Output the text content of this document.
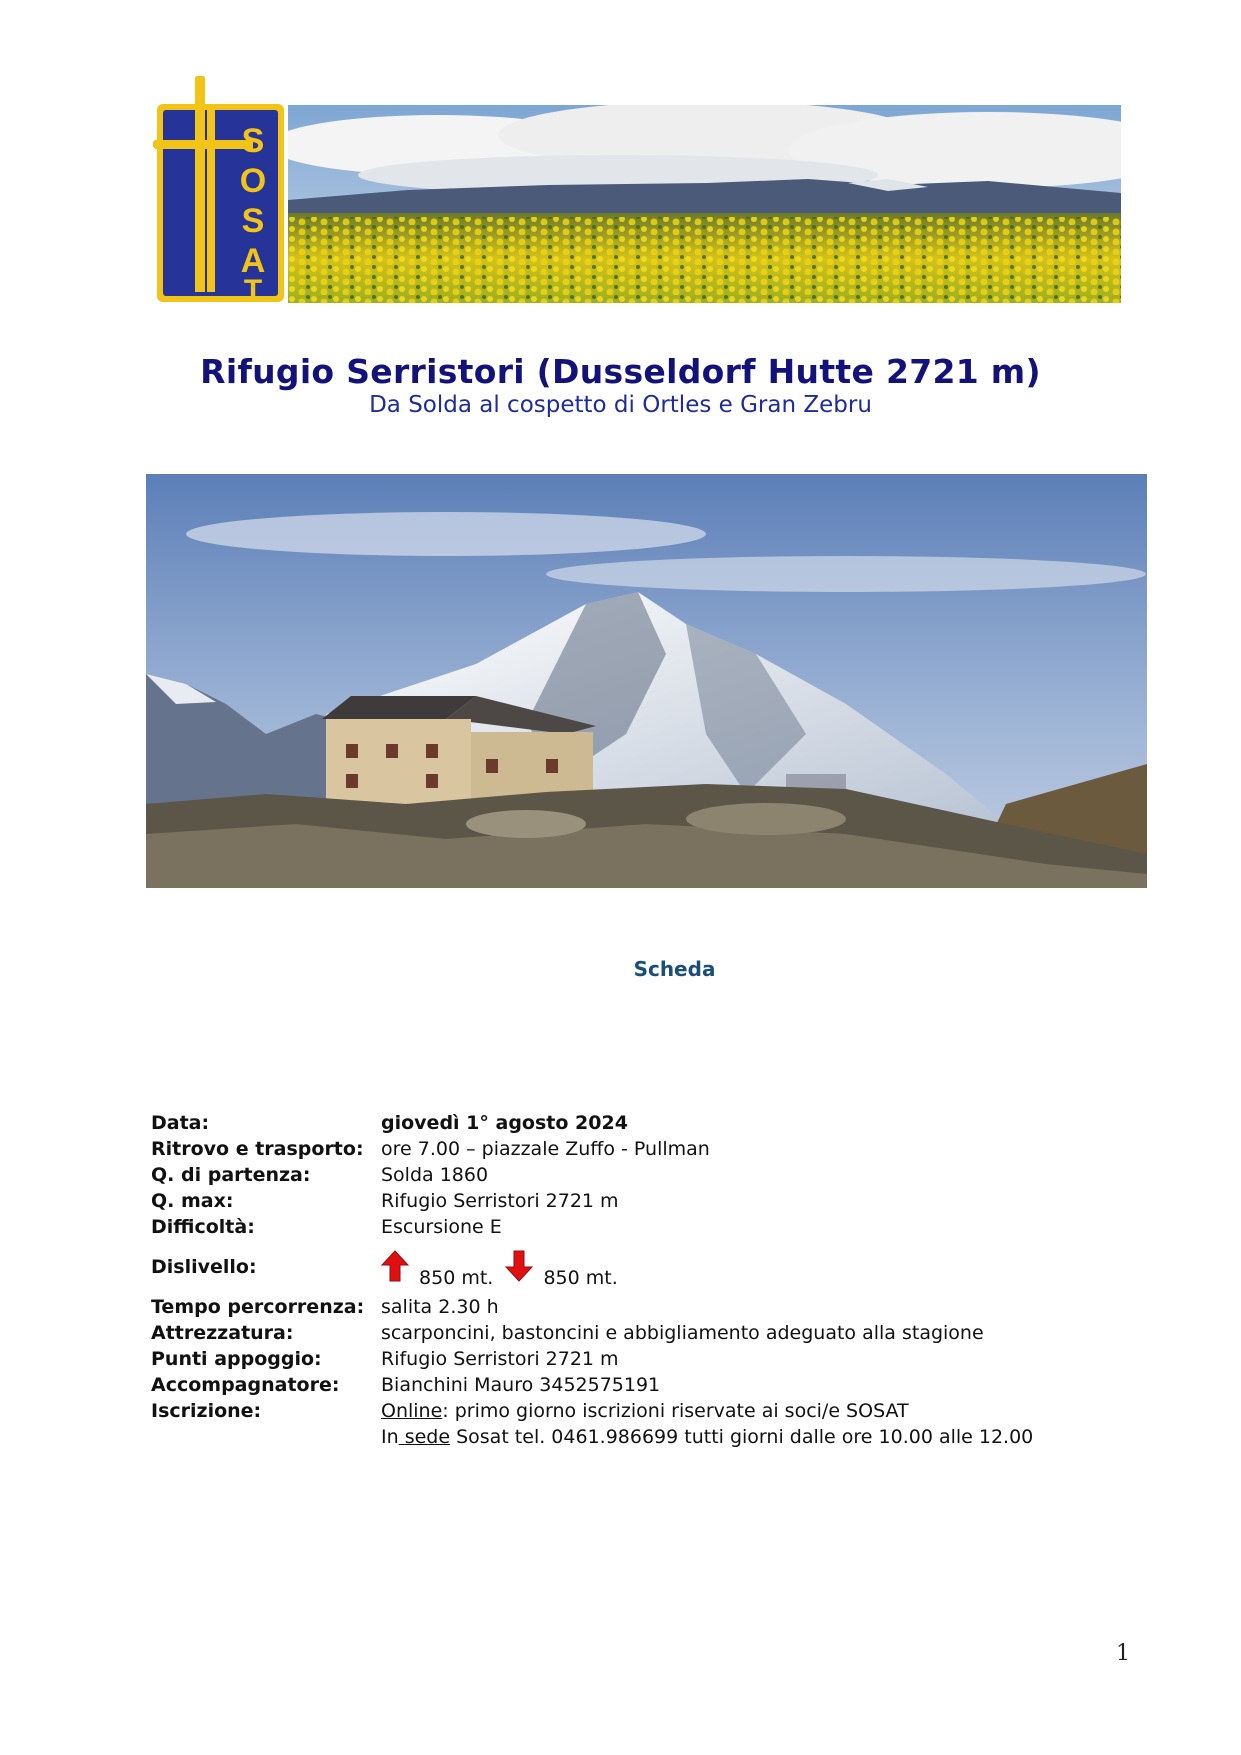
S
O
S
A
T
Rifugio Serristori (Dusseldorf Hutte 2721 m)
Da Solda al cospetto di Ortles e Gran Zebru
Scheda
Data:	giovedì 1° agosto 2024
Ritrovo e trasporto: ore 7.00 – piazzale Zuffo - Pullman
Q. di partenza:	Solda 1860
Q. max:	Rifugio Serristori 2721 m
Difficoltà:	Escursione E
Dislivello:	850 mt.	850 mt.
Tempo percorrenza: salita 2.30 h
Attrezzatura:	scarponcini, bastoncini e abbigliamento adeguato alla stagione
Punti appoggio:	Rifugio Serristori 2721 m
Accompagnatore: Bianchini Mauro 3452575191
Iscrizione:	Online: primo giorno iscrizioni riservate ai soci/e SOSAT
In sede Sosat tel. 0461.986699 tutti giorni dalle ore 10.00 alle 12.00
1
